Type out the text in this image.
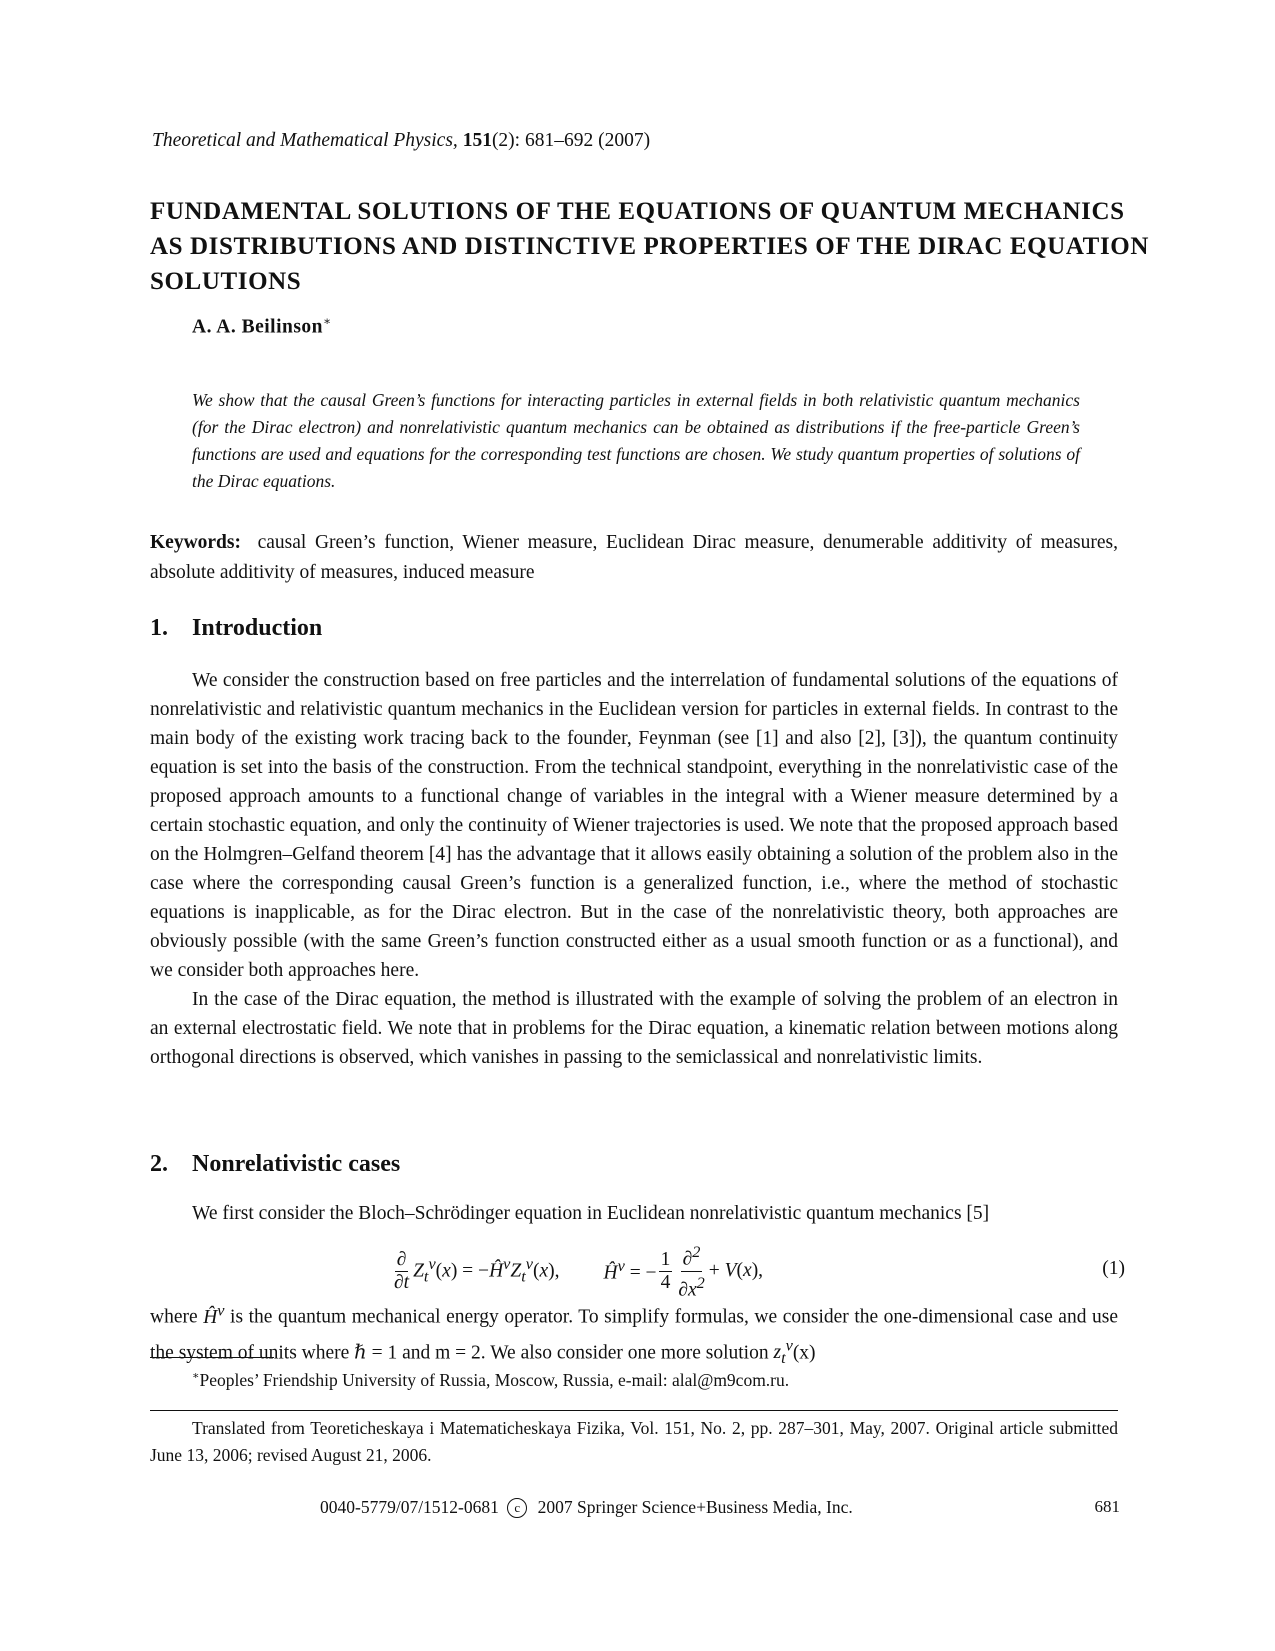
Theoretical and Mathematical Physics, 151(2): 681–692 (2007)
FUNDAMENTAL SOLUTIONS OF THE EQUATIONS OF QUANTUM MECHANICS AS DISTRIBUTIONS AND DISTINCTIVE PROPERTIES OF THE DIRAC EQUATION SOLUTIONS
A. A. Beilinson∗
We show that the causal Green’s functions for interacting particles in external fields in both relativistic quantum mechanics (for the Dirac electron) and nonrelativistic quantum mechanics can be obtained as distributions if the free-particle Green’s functions are used and equations for the corresponding test functions are chosen. We study quantum properties of solutions of the Dirac equations.
Keywords: causal Green’s function, Wiener measure, Euclidean Dirac measure, denumerable additivity of measures, absolute additivity of measures, induced measure
1. Introduction

We consider the construction based on free particles and the interrelation of fundamental solutions of the equations of nonrelativistic and relativistic quantum mechanics in the Euclidean version for particles in external fields. In contrast to the main body of the existing work tracing back to the founder, Feynman (see [1] and also [2], [3]), the quantum continuity equation is set into the basis of the construction. From the technical standpoint, everything in the nonrelativistic case of the proposed approach amounts to a functional change of variables in the integral with a Wiener measure determined by a certain stochastic equation, and only the continuity of Wiener trajectories is used. We note that the proposed approach based on the Holmgren–Gelfand theorem [4] has the advantage that it allows easily obtaining a solution of the problem also in the case where the corresponding causal Green’s function is a generalized function, i.e., where the method of stochastic equations is inapplicable, as for the Dirac electron. But in the case of the nonrelativistic theory, both approaches are obviously possible (with the same Green’s function constructed either as a usual smooth function or as a functional), and we consider both approaches here.

In the case of the Dirac equation, the method is illustrated with the example of solving the problem of an electron in an external electrostatic field. We note that in problems for the Dirac equation, a kinematic relation between motions along orthogonal directions is observed, which vanishes in passing to the semiclassical and nonrelativistic limits.

2. Nonrelativistic cases

We first consider the Bloch–Schrödinger equation in Euclidean nonrelativistic quantum mechanics [5]

$\frac{\partial}{\partial t} Z_t^v(x)$ = $-Ĥ^vZ_t^v(x)$, $Ĥ^v$ = − $\frac{1}{4} \frac{\partial^2}{\partial x^2} + V(x)$,	(1)
where $Ĥ^v$ is the quantum mechanical energy operator. To simplify formulas, we consider the one-dimensional case and use the system of units where ℏ = 1 and m = 2. We also consider one more solution $z_t^v(x)$
∗Peoples’ Friendship University of Russia, Moscow, Russia, e-mail: alal@m9com.ru.
Translated from Teoreticheskaya i Matematicheskaya Fizika, Vol. 151, No. 2, pp. 287–301, May, 2007. Original article submitted June 13, 2006; revised August 21, 2006.
0040-5779/07/1512-0681 c 2007 Springer Science+Business Media, Inc.	681
